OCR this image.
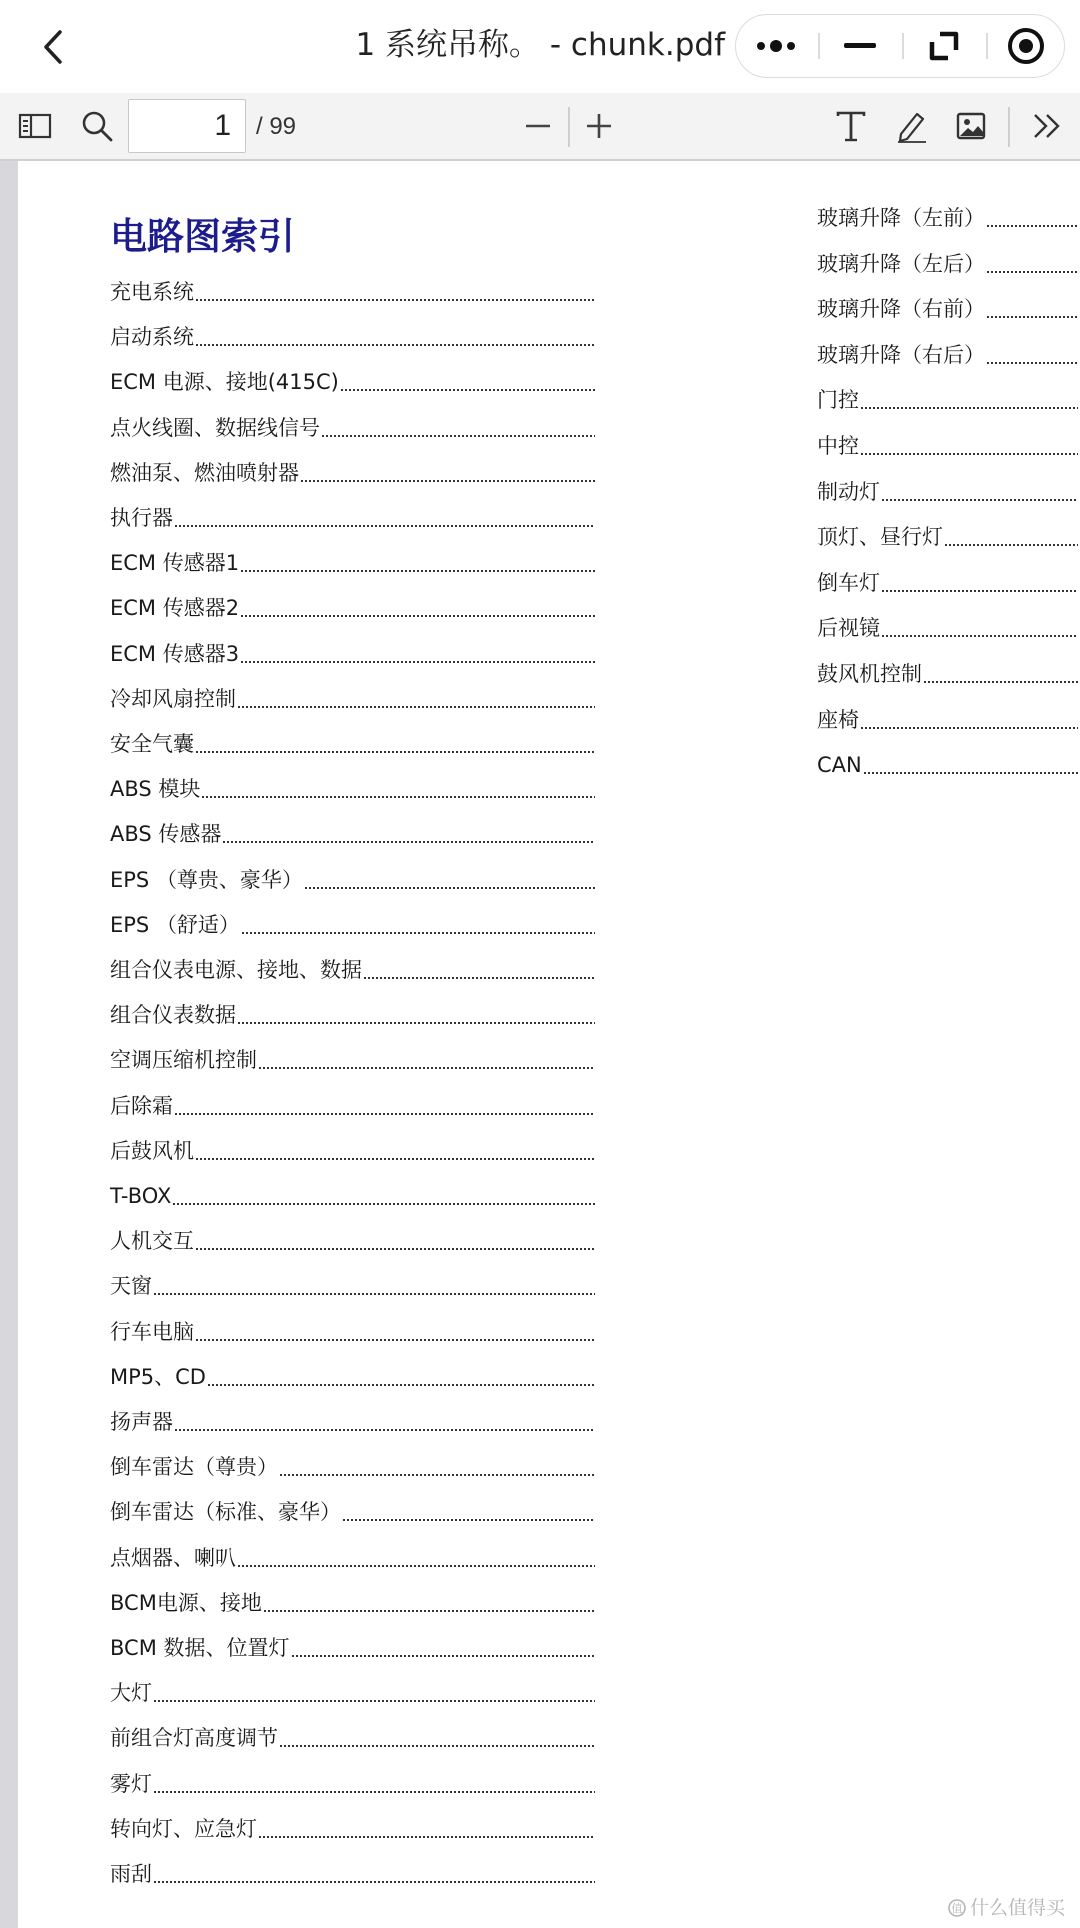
1 系统吊称。 - chunk.pdf
1
/ 99
电路图索引
充电系统
启动系统
ECM 电源、接地(415C)
点火线圈、数据线信号
燃油泵、燃油喷射器
执行器
ECM 传感器1
ECM 传感器2
ECM 传感器3
冷却风扇控制
安全气囊
ABS 模块
ABS 传感器
EPS （尊贵、豪华）
EPS （舒适）
组合仪表电源、接地、数据
组合仪表数据
空调压缩机控制
后除霜
后鼓风机
T-BOX
人机交互
天窗
行车电脑
MP5、CD
扬声器
倒车雷达（尊贵）
倒车雷达（标准、豪华）
点烟器、喇叭
BCM电源、接地
BCM 数据、位置灯
大灯
前组合灯高度调节
雾灯
转向灯、应急灯
雨刮
玻璃升降（左前）
玻璃升降（左后）
玻璃升降（右前）
玻璃升降（右后）
门控
中控
制动灯
顶灯、昼行灯
倒车灯
后视镜
鼓风机控制
座椅
CAN
值 什么值得买
